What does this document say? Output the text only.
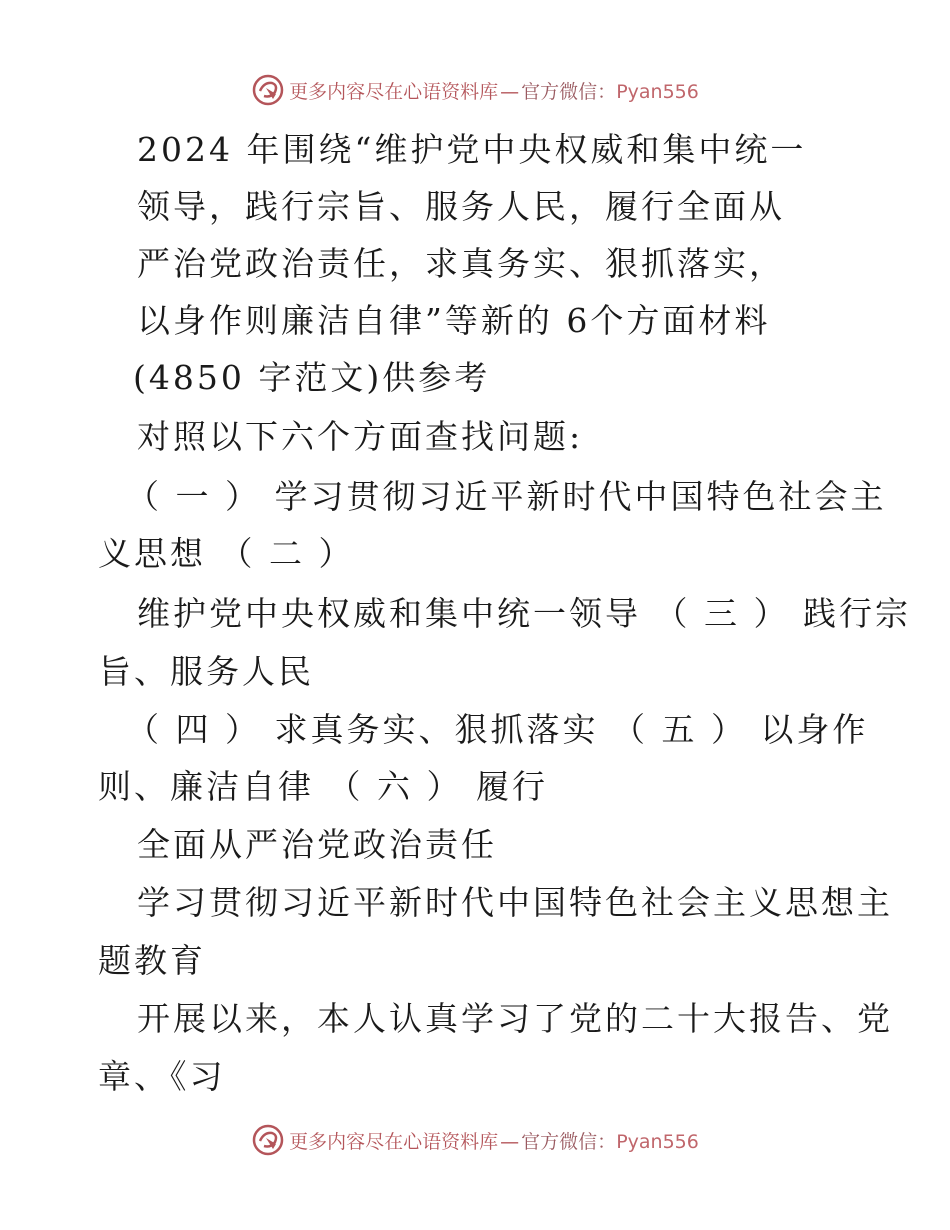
更多内容尽在心语资料库 — 官方微信：Pyan556
2024 年围绕“维护党中央权威和集中统一
领导，践行宗旨、服务人民，履行全面从
严治党政治责任，求真务实、狠抓落实，
以身作则廉洁自律”等新的 6个方面材料
(4850 字范文)供参考
对照以下六个方面查找问题:
（ 一 ） 学习贯彻习近平新时代中国特色社会主
义思想 （ 二 ）
维护党中央权威和集中统一领导 （ 三 ） 践行宗
旨、服务人民
（ 四 ） 求真务实、狠抓落实 （ 五 ） 以身作
则、廉洁自律 （ 六 ） 履行
全面从严治党政治责任
学习贯彻习近平新时代中国特色社会主义思想主
题教育
开展以来，本人认真学习了党的二十大报告、党
章、《习
更多内容尽在心语资料库 — 官方微信：Pyan556
